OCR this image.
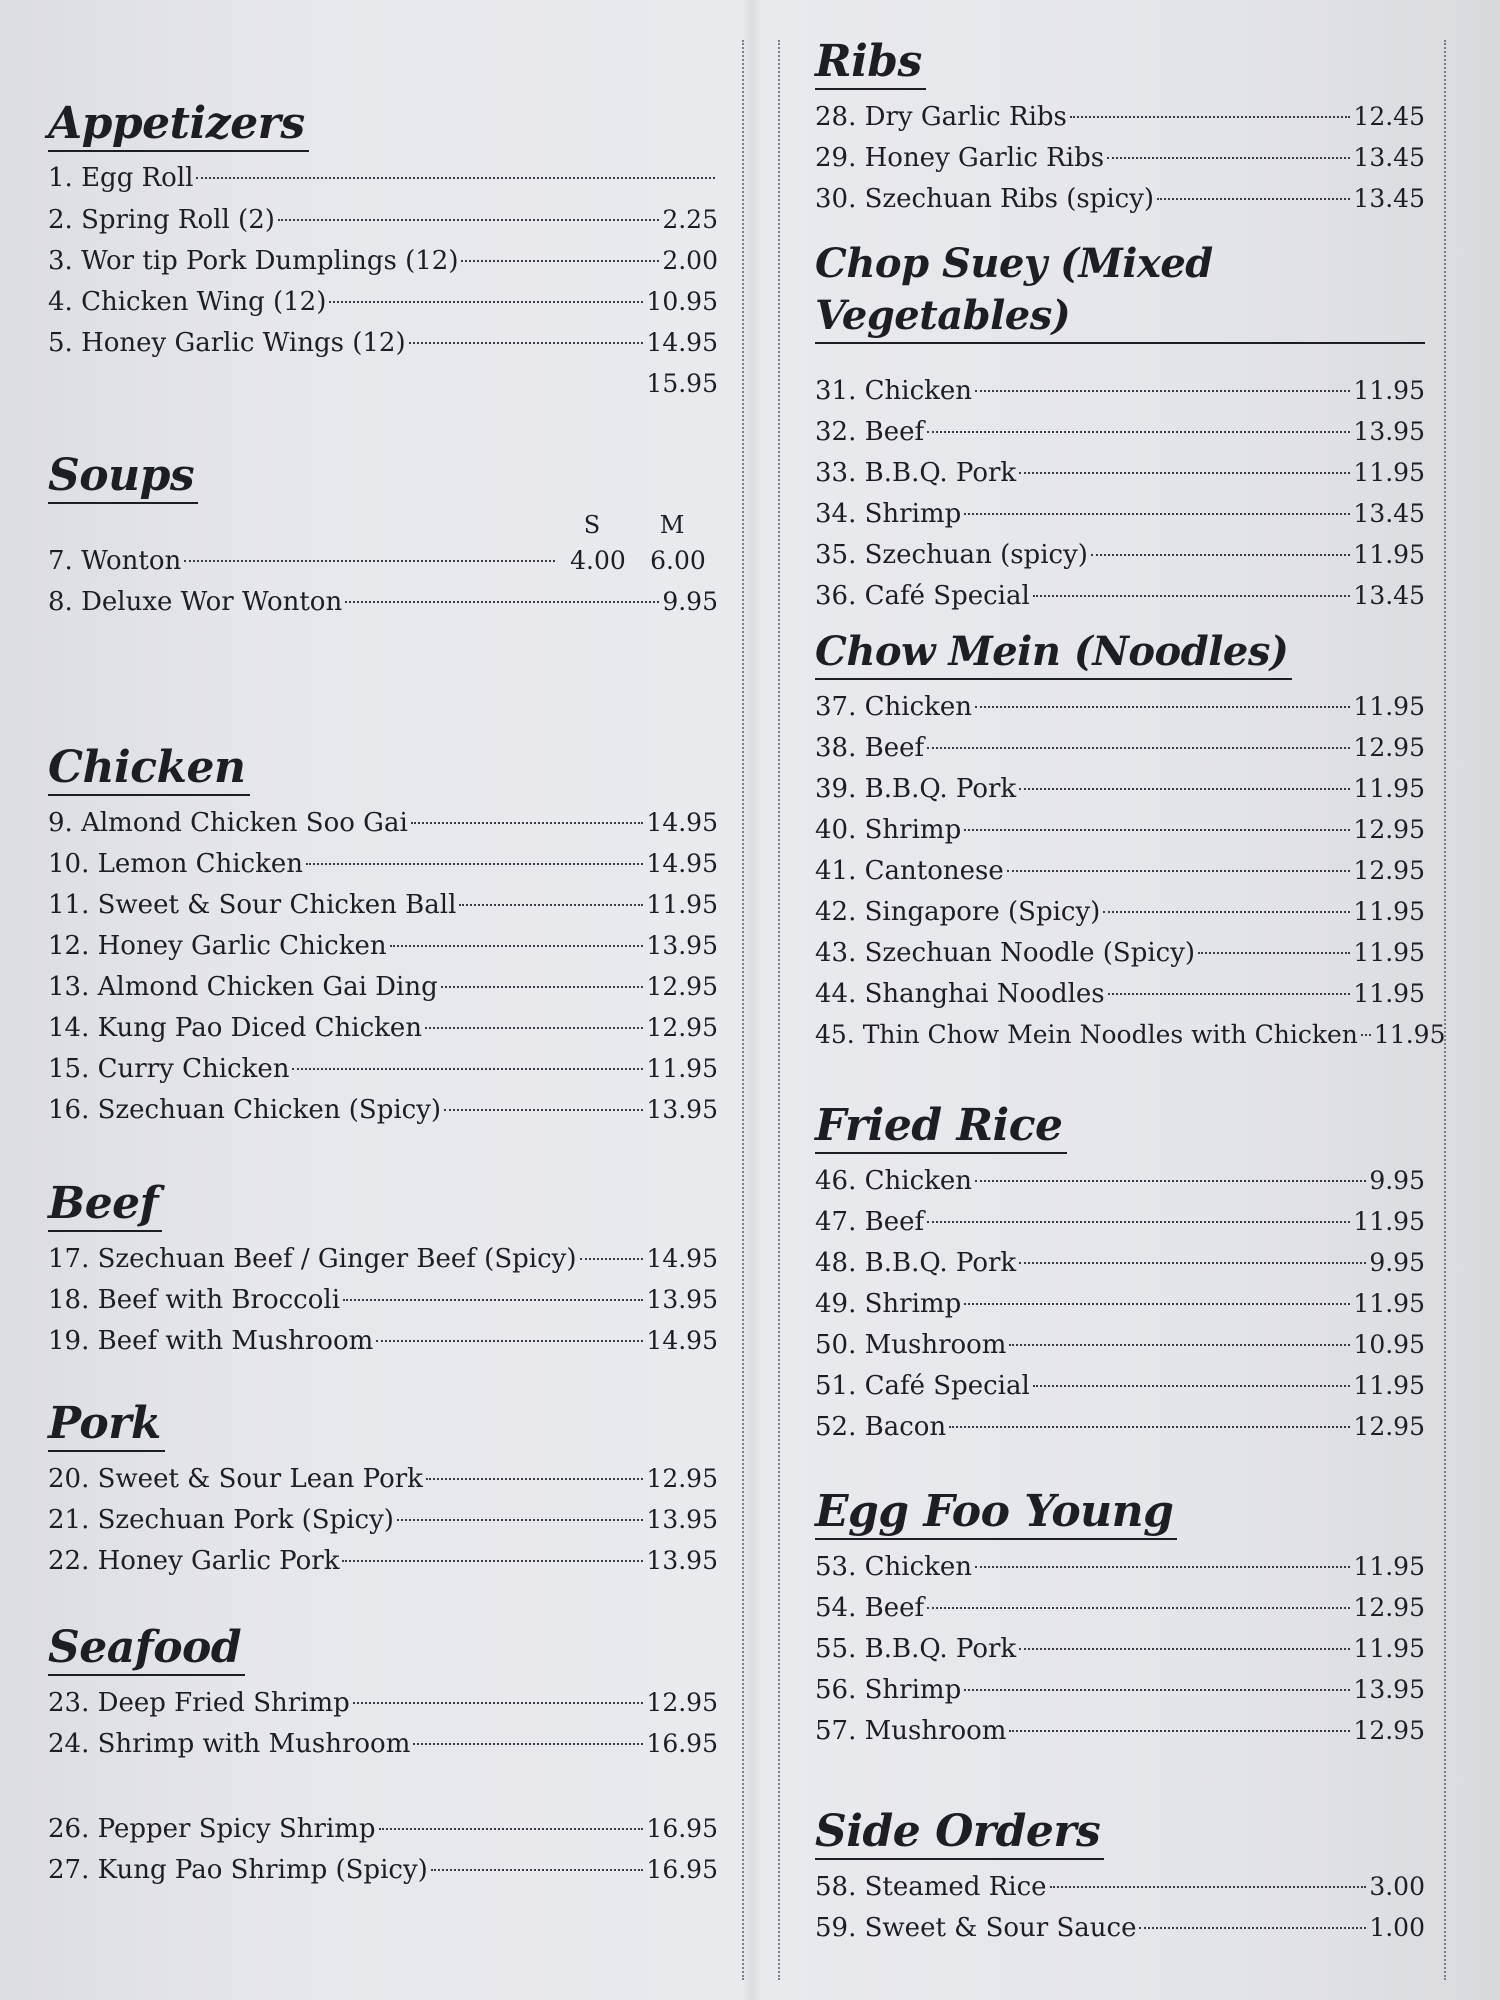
Appetizers
1. Egg Roll
2. Spring Roll (2)	2.25
3. Wor tip Pork Dumplings (12)	2.00
4. Chicken Wing (12)	10.95
5. Honey Garlic Wings (12)	14.95
15.95
Soups
S	M
7. Wonton	4.00 6.00
8. Deluxe Wor Wonton	9.95
Chicken
9. Almond Chicken Soo Gai	14.95
10. Lemon Chicken	14.95
11. Sweet & Sour Chicken Ball	11.95
12. Honey Garlic Chicken	13.95
13. Almond Chicken Gai Ding	12.95
14. Kung Pao Diced Chicken	12.95
15. Curry Chicken	11.95
16. Szechuan Chicken (Spicy)	13.95
Beef
17. Szechuan Beef / Ginger Beef (Spicy)	14.95
18. Beef with Broccoli	13.95
19. Beef with Mushroom	14.95
Pork
20. Sweet & Sour Lean Pork	12.95
21. Szechuan Pork (Spicy)	13.95
22. Honey Garlic Pork	13.95
Seafood
23. Deep Fried Shrimp	12.95
24. Shrimp with Mushroom	16.95
26. Pepper Spicy Shrimp	16.95
27. Kung Pao Shrimp (Spicy)	16.95
Ribs
28. Dry Garlic Ribs	12.45
29. Honey Garlic Ribs	13.45
30. Szechuan Ribs (spicy)	13.45
Chop Suey (Mixed Vegetables)
31. Chicken	11.95
32. Beef	13.95
33. B.B.Q. Pork	11.95
34. Shrimp	13.45
35. Szechuan (spicy)	11.95
36. Café Special	13.45
Chow Mein (Noodles)
37. Chicken	11.95
38. Beef	12.95
39. B.B.Q. Pork	11.95
40. Shrimp	12.95
41. Cantonese	12.95
42. Singapore (Spicy)	11.95
43. Szechuan Noodle (Spicy)	11.95
44. Shanghai Noodles	11.95
45. Thin Chow Mein Noodles with Chicken 11.95
Fried Rice
46. Chicken	9.95
47. Beef	11.95
48. B.B.Q. Pork	9.95
49. Shrimp	11.95
50. Mushroom	10.95
51. Café Special	11.95
52. Bacon	12.95
Egg Foo Young
53. Chicken	11.95
54. Beef	12.95
55. B.B.Q. Pork	11.95
56. Shrimp	13.95
57. Mushroom	12.95
Side Orders
58. Steamed Rice	3.00
59. Sweet & Sour Sauce	1.00
